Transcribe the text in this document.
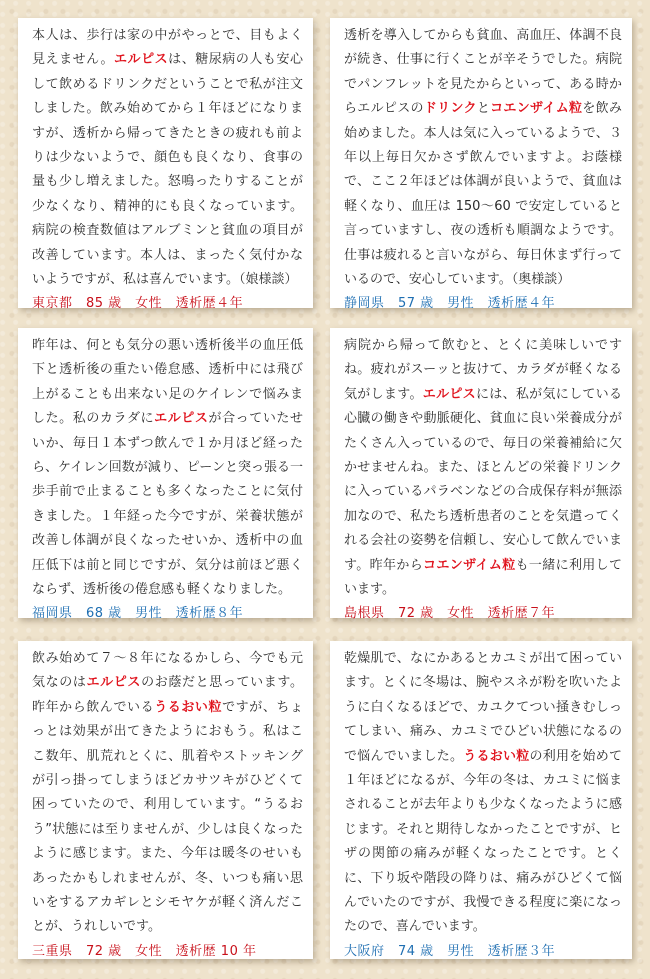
本人は、歩行は家の中がやっとで、目もよく見えません。エルピスは、糖尿病の人も安心して飲めるドリンクだということで私が注文しました。飲み始めてから１年ほどになりますが、透析から帰ってきたときの疲れも前よりは少ないようで、顔色も良くなり、食事の量も少し増えました。怒鳴ったりすることが少なくなり、精神的にも良くなっています。病院の検査数値はアルブミンと貧血の項目が改善しています。本人は、まったく気付かないようですが、私は喜んでいます。（娘様談）

東京都　85 歳　女性　透析歴４年

透析を導入してからも貧血、高血圧、体調不良が続き、仕事に行くことが辛そうでした。病院でパンフレットを見たからといって、ある時からエルピスのドリンクとコエンザイム粒を飲み始めました。本人は気に入っているようで、３年以上毎日欠かさず飲んでいますよ。お蔭様で、ここ２年ほどは体調が良いようで、貧血は軽くなり、血圧は 150〜60 で安定していると言っていますし、夜の透析も順調なようです。仕事は疲れると言いながら、毎日休まず行っているので、安心しています。（奥様談）

静岡県　57 歳　男性　透析歴４年

昨年は、何とも気分の悪い透析後半の血圧低下と透析後の重たい倦怠感、透析中には飛び上がることも出来ない足のケイレンで悩みました。私のカラダにエルピスが合っていたせいか、毎日１本ずつ飲んで１か月ほど経ったら、ケイレン回数が減り、ピーンと突っ張る一歩手前で止まることも多くなったことに気付きました。１年経った今ですが、栄養状態が改善し体調が良くなったせいか、透析中の血圧低下は前と同じですが、気分は前ほど悪くならず、透析後の倦怠感も軽くなりました。

福岡県　68 歳　男性　透析歴８年

病院から帰って飲むと、とくに美味しいですね。疲れがスーッと抜けて、カラダが軽くなる気がします。エルピスには、私が気にしている心臓の働きや動脈硬化、貧血に良い栄養成分がたくさん入っているので、毎日の栄養補給に欠かせませんね。また、ほとんどの栄養ドリンクに入っているパラベンなどの合成保存料が無添加なので、私たち透析患者のことを気遣ってくれる会社の姿勢を信頼し、安心して飲んでいます。昨年からコエンザイム粒も一緒に利用しています。

島根県　72 歳　女性　透析歴７年

飲み始めて７〜８年になるかしら、今でも元気なのはエルピスのお蔭だと思っています。昨年から飲んでいるうるおい粒ですが、ちょっとは効果が出てきたようにおもう。私はここ数年、肌荒れとくに、肌着やストッキングが引っ掛ってしまうほどカサツキがひどくて困っていたので、利用しています。“うるおう”状態には至りませんが、少しは良くなったように感じます。また、今年は暖冬のせいもあったかもしれませんが、冬、いつも痛い思いをするアカギレとシモヤケが軽く済んだことが、うれしいです。

三重県　72 歳　女性　透析歴 10 年

乾燥肌で、なにかあるとカユミが出て困っています。とくに冬場は、腕やスネが粉を吹いたように白くなるほどで、カユクてつい掻きむしってしまい、痛み、カユミでひどい状態になるので悩んでいました。うるおい粒の利用を始めて１年ほどになるが、今年の冬は、カユミに悩まされることが去年よりも少なくなったように感じます。それと期待しなかったことですが、ヒザの関節の痛みが軽くなったことです。とくに、下り坂や階段の降りは、痛みがひどくて悩んでいたのですが、我慢できる程度に楽になったので、喜んでいます。

大阪府　74 歳　男性　透析歴３年
